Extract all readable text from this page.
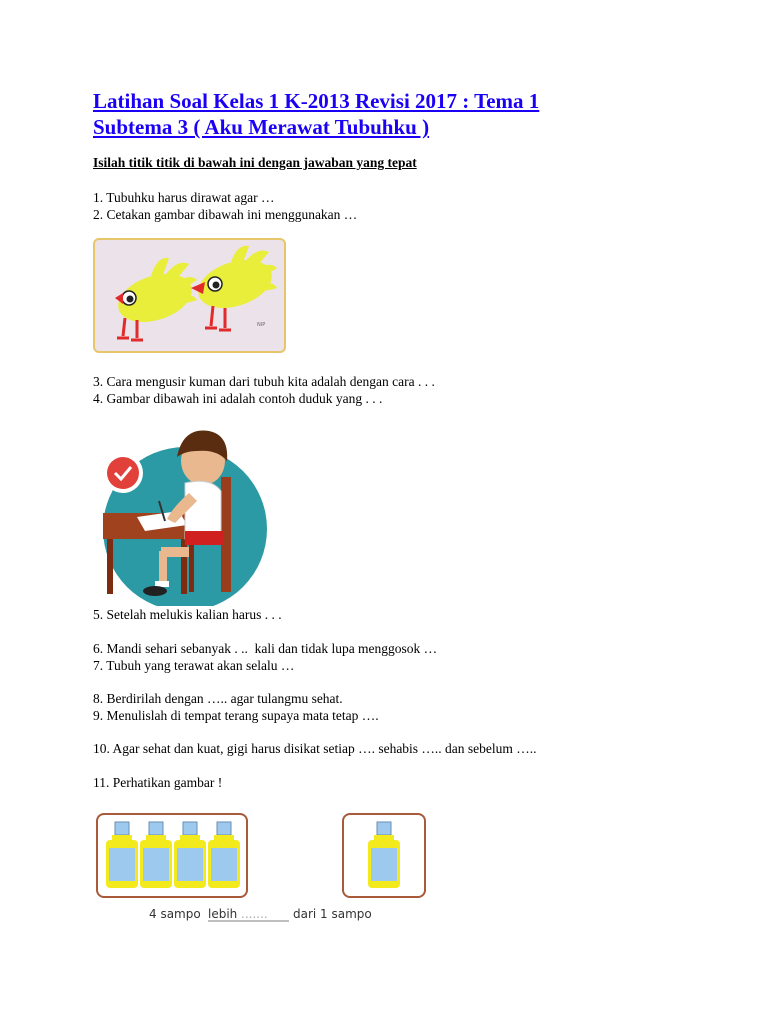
Latihan Soal Kelas 1 K-2013 Revisi 2017 : Tema 1
Subtema 3 ( Aku Merawat Tubuhku )
Isilah titik titik di bawah ini dengan jawaban yang tepat
1. Tubuhku harus dirawat agar …
2. Cetakan gambar dibawah ini menggunakan …
NIP
3. Cara mengusir kuman dari tubuh kita adalah dengan cara . . .
4. Gambar dibawah ini adalah contoh duduk yang . . .
5. Setelah melukis kalian harus . . .
6. Mandi sehari sebanyak . ..  kali dan tidak lupa menggosok …
7. Tubuh yang terawat akan selalu …
8. Berdirilah dengan ….. agar tulangmu sehat.
9. Menulislah di tempat terang supaya mata tetap ….
10. Agar sehat dan kuat, gigi harus disikat setiap …. sehabis ….. dan sebelum …..
11. Perhatikan gambar !
4 sampo lebih ....... dari 1 sampo
